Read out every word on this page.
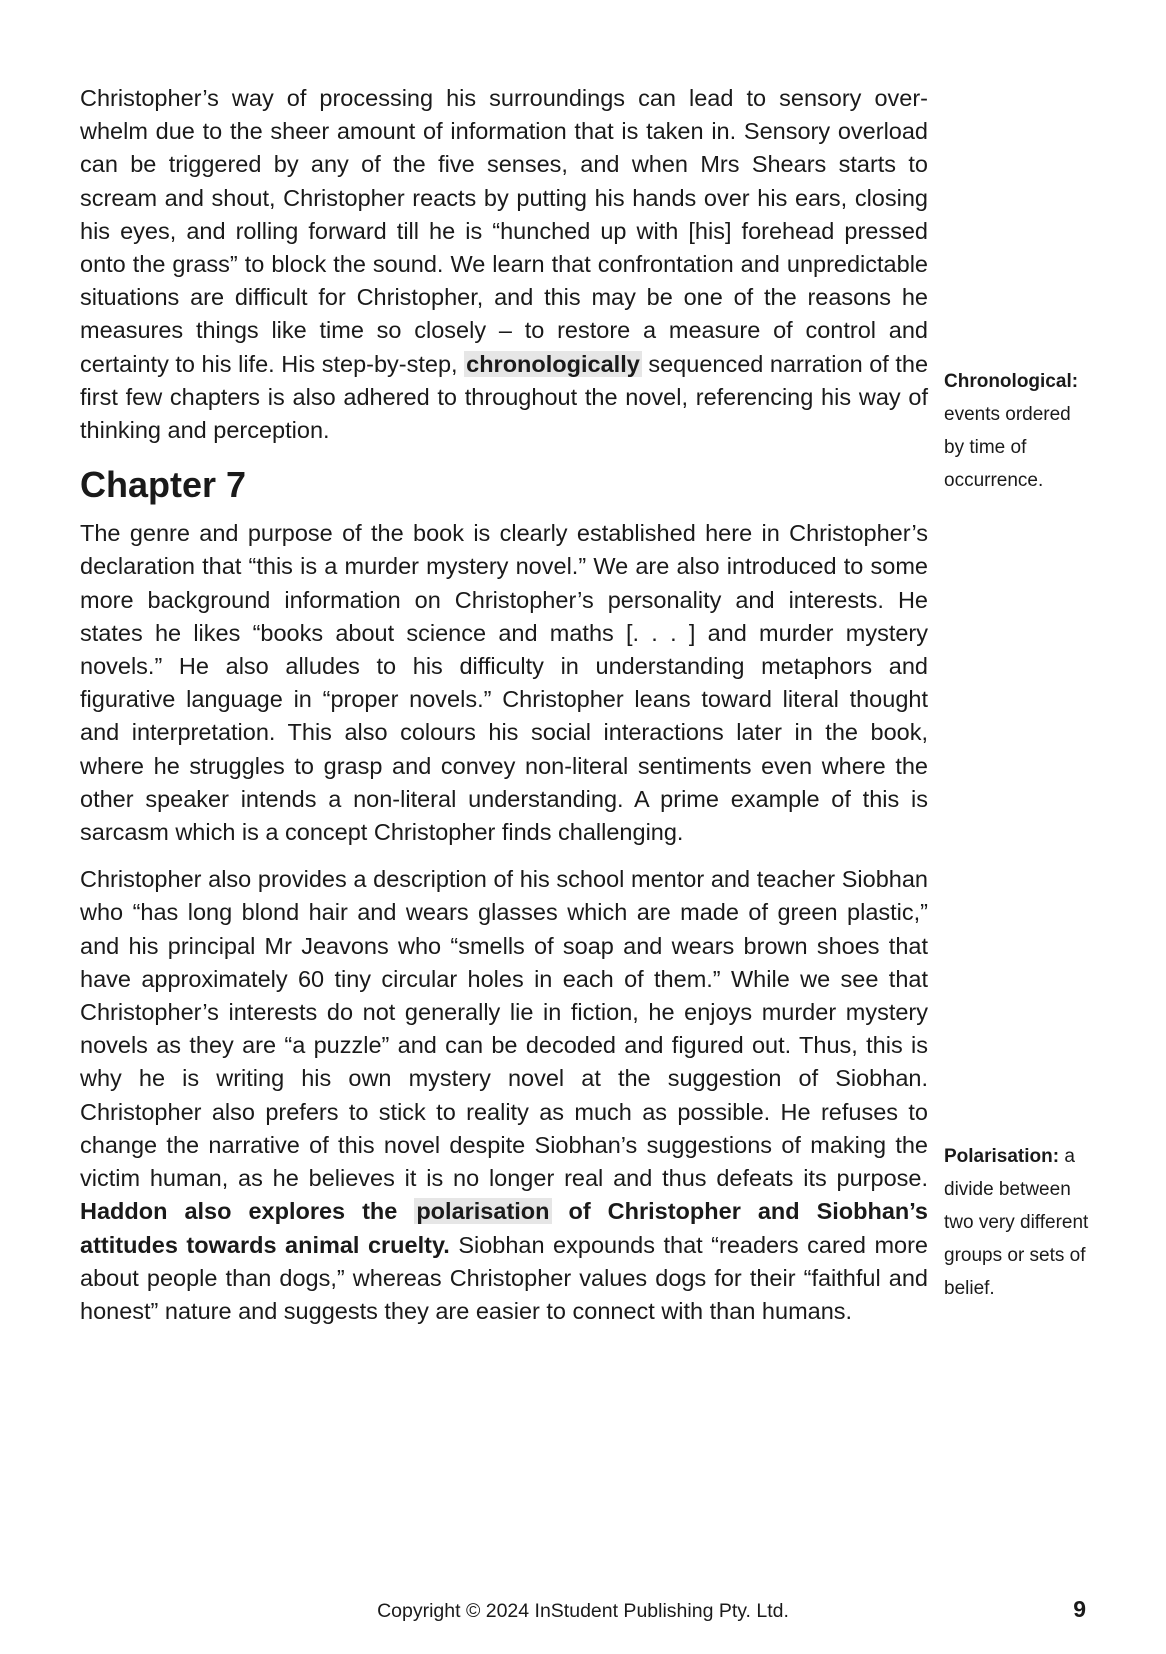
Christopher’s way of processing his surroundings can lead to sensory over-whelm due to the sheer amount of information that is taken in. Sensory overload can be triggered by any of the five senses, and when Mrs Shears starts to scream and shout, Christopher reacts by putting his hands over his ears, closing his eyes, and rolling forward till he is “hunched up with [his] forehead pressed onto the grass” to block the sound. We learn that confrontation and unpredictable situations are difficult for Christopher, and this may be one of the reasons he measures things like time so closely – to restore a measure of control and certainty to his life. His step-by-step, chronologically sequenced narration of the first few chapters is also adhered to throughout the novel, referencing his way of thinking and perception.

Chapter 7

The genre and purpose of the book is clearly established here in Christopher’s declaration that “this is a murder mystery novel.” We are also introduced to some more background information on Christopher’s personality and interests. He states he likes “books about science and maths [. . . ] and murder mystery novels.” He also alludes to his difficulty in understanding metaphors and figurative language in “proper novels.” Christopher leans toward literal thought and interpretation. This also colours his social interactions later in the book, where he struggles to grasp and convey non-literal sentiments even where the other speaker intends a non-literal understanding. A prime example of this is sarcasm which is a concept Christopher finds challenging.

Christopher also provides a description of his school mentor and teacher Siobhan who “has long blond hair and wears glasses which are made of green plastic,” and his principal Mr Jeavons who “smells of soap and wears brown shoes that have approximately 60 tiny circular holes in each of them.” While we see that Christopher’s interests do not generally lie in fiction, he enjoys murder mystery novels as they are “a puzzle” and can be decoded and figured out. Thus, this is why he is writing his own mystery novel at the suggestion of Siobhan. Christopher also prefers to stick to reality as much as possible. He refuses to change the narrative of this novel despite Siobhan’s suggestions of making the victim human, as he believes it is no longer real and thus defeats its purpose. Haddon also explores the polarisation of Christopher and Siobhan’s attitudes towards animal cruelty. Siobhan expounds that “readers cared more about people than dogs,” whereas Christopher values dogs for their “faithful and honest” nature and suggests they are easier to connect with than humans.

Chronological: events ordered by time of occurrence.
Polarisation: a divide between two very different groups or sets of belief.
Copyright © 2024 InStudent Publishing Pty. Ltd.	9
